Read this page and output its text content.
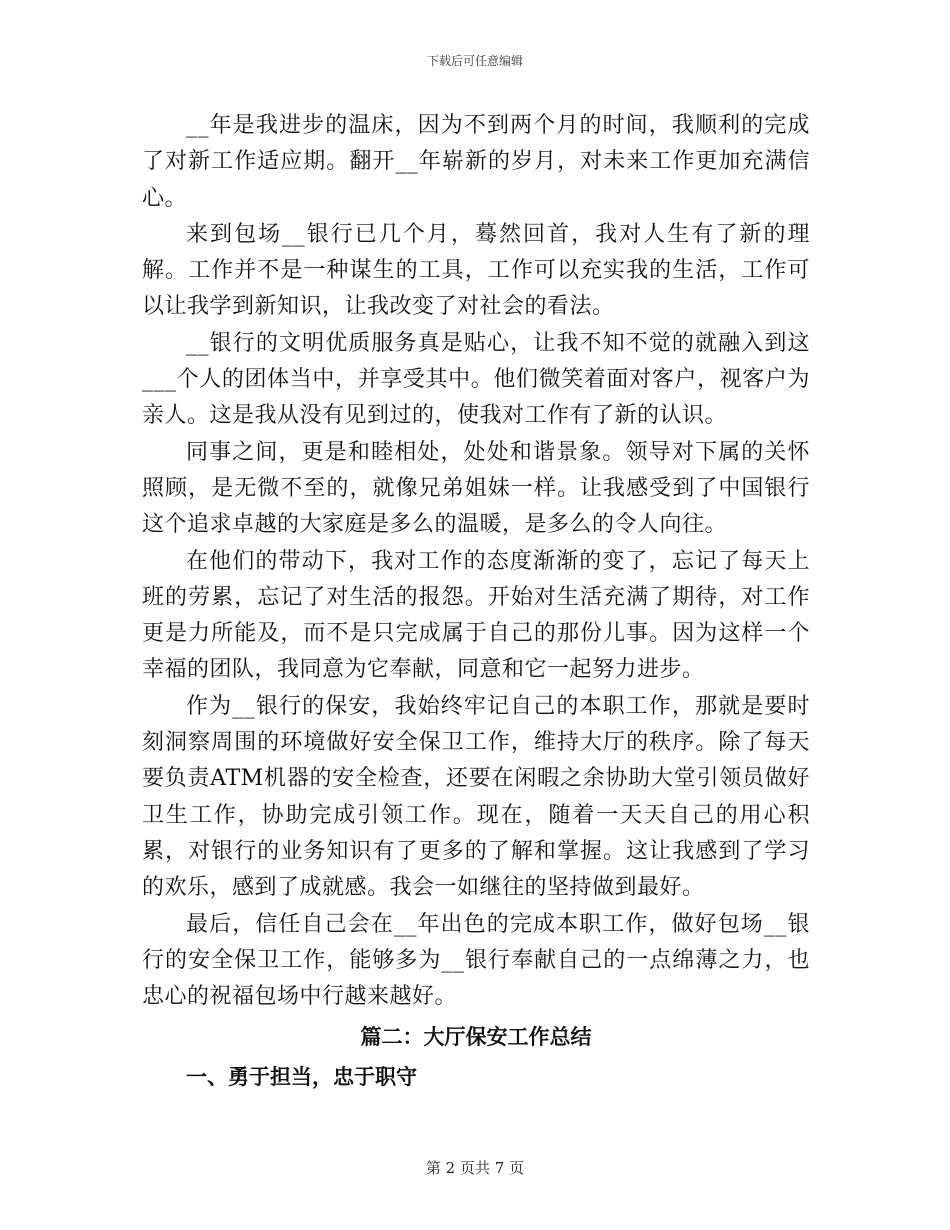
下载后可任意编辑

__年是我进步的温床，因为不到两个月的时间，我顺利的完成了对新工作适应期。翻开__年崭新的岁月，对未来工作更加充满信心。

来到包场__银行已几个月，蓦然回首，我对人生有了新的理解。工作并不是一种谋生的工具，工作可以充实我的生活，工作可以让我学到新知识，让我改变了对社会的看法。

__银行的文明优质服务真是贴心，让我不知不觉的就融入到这___个人的团体当中，并享受其中。他们微笑着面对客户，视客户为亲人。这是我从没有见到过的，使我对工作有了新的认识。

同事之间，更是和睦相处，处处和谐景象。领导对下属的关怀照顾，是无微不至的，就像兄弟姐妹一样。让我感受到了中国银行这个追求卓越的大家庭是多么的温暖，是多么的令人向往。

在他们的带动下，我对工作的态度渐渐的变了，忘记了每天上班的劳累，忘记了对生活的报怨。开始对生活充满了期待，对工作更是力所能及，而不是只完成属于自己的那份儿事。因为这样一个幸福的团队，我同意为它奉献，同意和它一起努力进步。

作为__银行的保安，我始终牢记自己的本职工作，那就是要时刻洞察周围的环境做好安全保卫工作，维持大厅的秩序。除了每天要负责ATM机器的安全检查，还要在闲暇之余协助大堂引领员做好卫生工作，协助完成引领工作。现在，随着一天天自己的用心积累，对银行的业务知识有了更多的了解和掌握。这让我感到了学习的欢乐，感到了成就感。我会一如继往的坚持做到最好。

最后，信任自己会在__年出色的完成本职工作，做好包场__银行的安全保卫工作，能够多为__银行奉献自己的一点绵薄之力，也忠心的祝福包场中行越来越好。

篇二：大厅保安工作总结
一、勇于担当，忠于职守
第 2 页共 7 页
